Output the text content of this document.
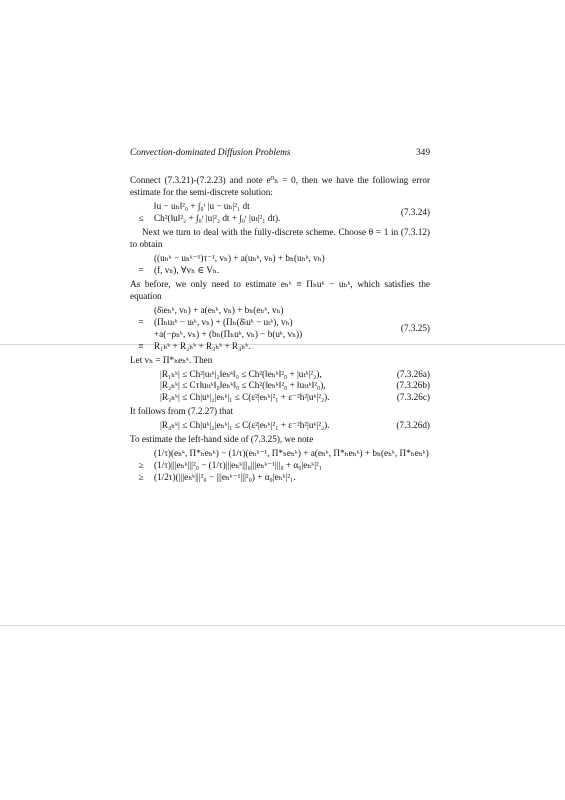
Convection-dominated Diffusion Problems	349

Connect (7.3.21)-(7.2.23) and note e⁰ₕ = 0, then we have the following error estimate for the semi-discrete solution:

‖u − uₕ‖²₀ + ∫₀ᵗ |u − uₕ|²₁ dt
≤	Ch²(‖u‖²₂ + ∫₀ᵗ |u|²₂ dt + ∫₀ᵗ |uₜ|²₁ dt).
(7.3.24)

Next we turn to deal with the fully-discrete scheme. Choose θ = 1 in (7.3.12) to obtain

((uₕᵏ − uₕᵏ⁻¹)τ⁻¹, vₕ) + a(uₕᵏ, vₕ) + bₕ(uₕᵏ, vₕ)
=	(f, vₕ), ∀vₕ ∈ Vₕ.

As before, we only need to estimate eₕᵏ ≡ Πₕuᵏ − uₕᵏ, which satisfies the equation

(δ̄ₜeₕᵏ, vₕ) + a(eₕᵏ, vₕ) + bₕ(eₕᵏ, vₕ)
=	(Πₕuₜᵏ − uₜᵏ, vₕ) + (Πₕ(δ̄ₜuᵏ − uₜᵏ), vₕ)
+a(−ρₕᵏ, vₕ) + (bₕ(Πₕuᵏ, vₕ) − b(uᵏ, vₕ))
≡	R₁ₕᵏ + R₂ₕᵏ + R₃ₕᵏ + R₄ₕᵏ.
(7.3.25)

Let vₕ = Π*ₕeₕᵏ. Then

|R₁ₕᵏ| ≤ Ch²|uₜᵏ|₂‖eₕᵏ‖₀ ≤ Ch²(‖eₕᵏ‖²₀ + |uₜᵏ|²₂),	(7.3.26a)
|R₂ₕᵏ| ≤ Cτ‖uₜₜᵏ‖₀‖eₕᵏ‖₀ ≤ Ch²(‖eₕᵏ‖²₀ + ‖uₜₜᵏ‖²₀),	(7.3.26b)
|R₃ₕᵏ| ≤ Ch|uᵏ|₂|eₕᵏ|₁ ≤ C(ε²|eₕᵏ|²₁ + ε⁻²h²|uᵏ|²₂).	(7.3.26c)

It follows from (7.2.27) that

|R₄ₕᵏ| ≤ Ch|uᵏ|₂|eₕᵏ|₁ ≤ C(ε²|eₕᵏ|²₁ + ε⁻²h²|uᵏ|²₂).	(7.3.26d)

To estimate the left-hand side of (7.3.25), we note

(1/τ)(eₕᵏ, Π*ₕeₕᵏ) − (1/τ)(eₕᵏ⁻¹, Π*ₕeₕᵏ) + a(eₕᵏ, Π*ₕeₕᵏ) + bₕ(eₕᵏ, Π*ₕeₕᵏ)
≥	(1/τ)|||eₕᵏ|||²₀ − (1/τ)|||eₕᵏ|||₀|||eₕᵏ⁻¹|||₀ + α₀|eₕᵏ|²₁
≥	(1/2τ)(|||eₕᵏ|||²₀ − |||eₕᵏ⁻¹|||²₀) + α₀|eₕᵏ|²₁.
